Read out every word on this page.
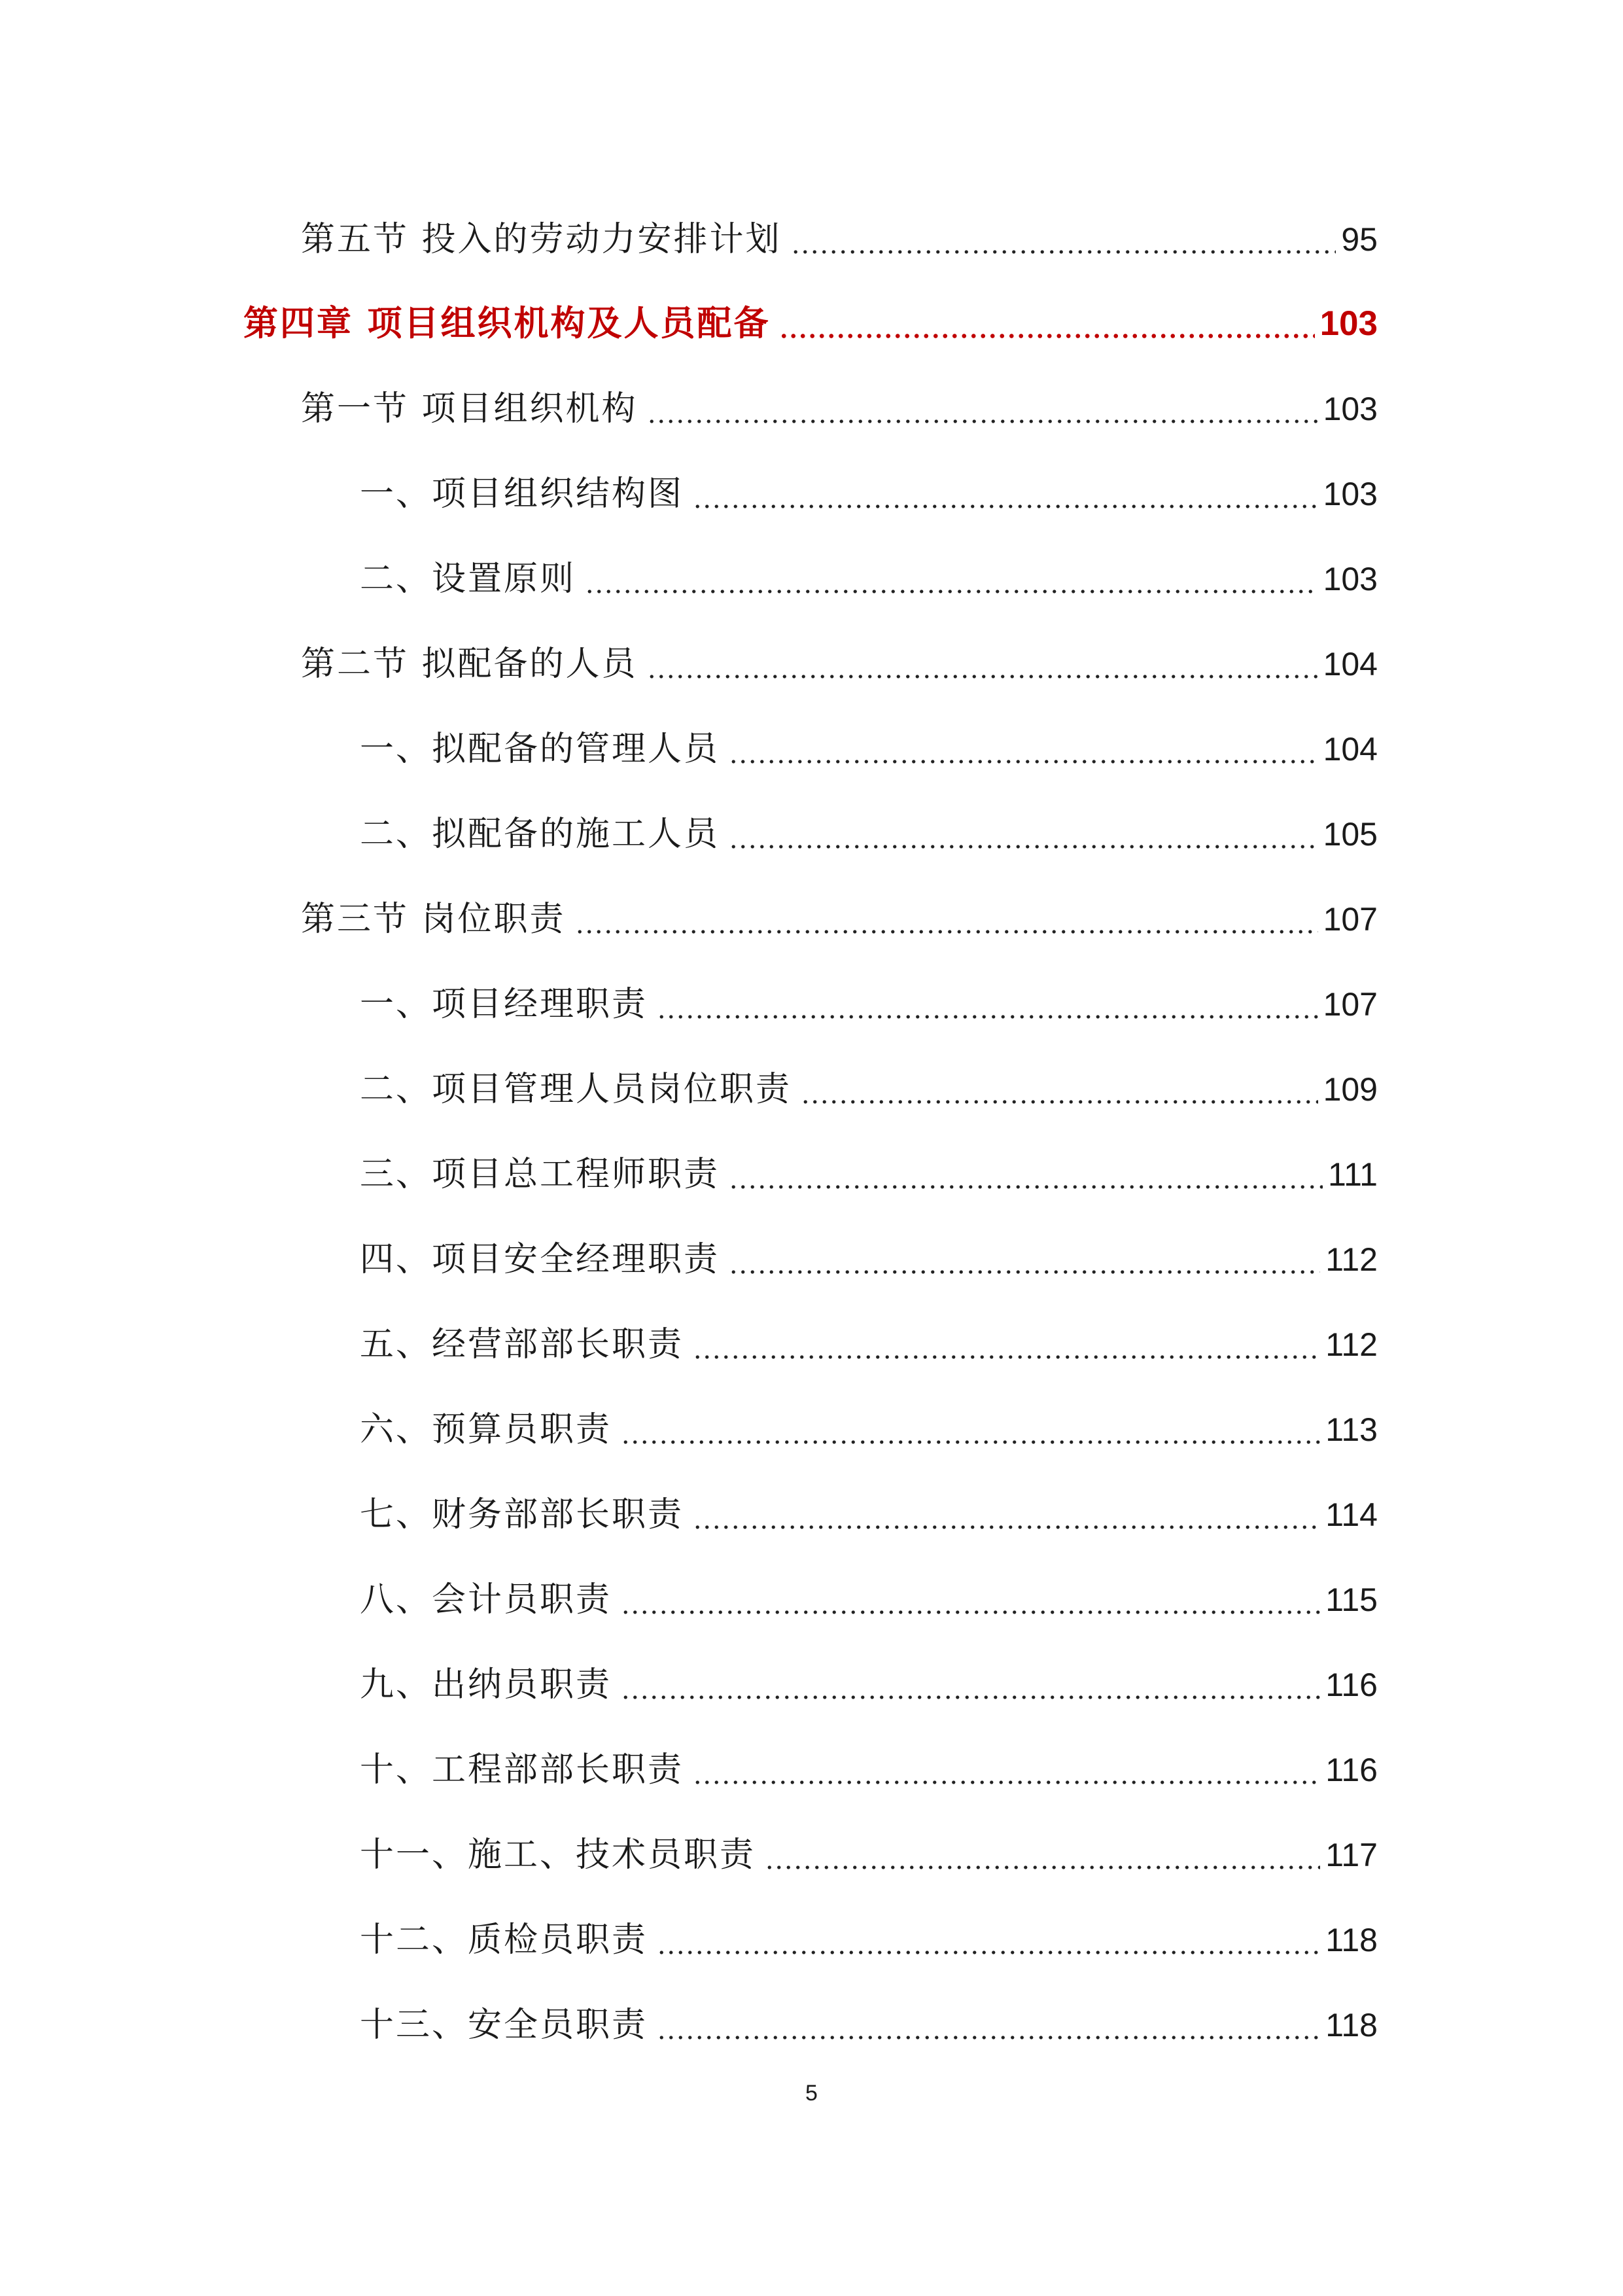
第五节 投入的劳动力安排计划	95
第四章 项目组织机构及人员配备	103
第一节 项目组织机构	103
一、项目组织结构图	103
二、设置原则	103
第二节 拟配备的人员	104
一、拟配备的管理人员	104
二、拟配备的施工人员	105
第三节 岗位职责	107
一、项目经理职责	107
二、项目管理人员岗位职责	109
三、项目总工程师职责	111
四、项目安全经理职责	112
五、经营部部长职责	112
六、预算员职责	113
七、财务部部长职责	114
八、会计员职责	115
九、出纳员职责	116
十、工程部部长职责	116
十一、施工、技术员职责	117
十二、质检员职责	118
十三、安全员职责	118
5
